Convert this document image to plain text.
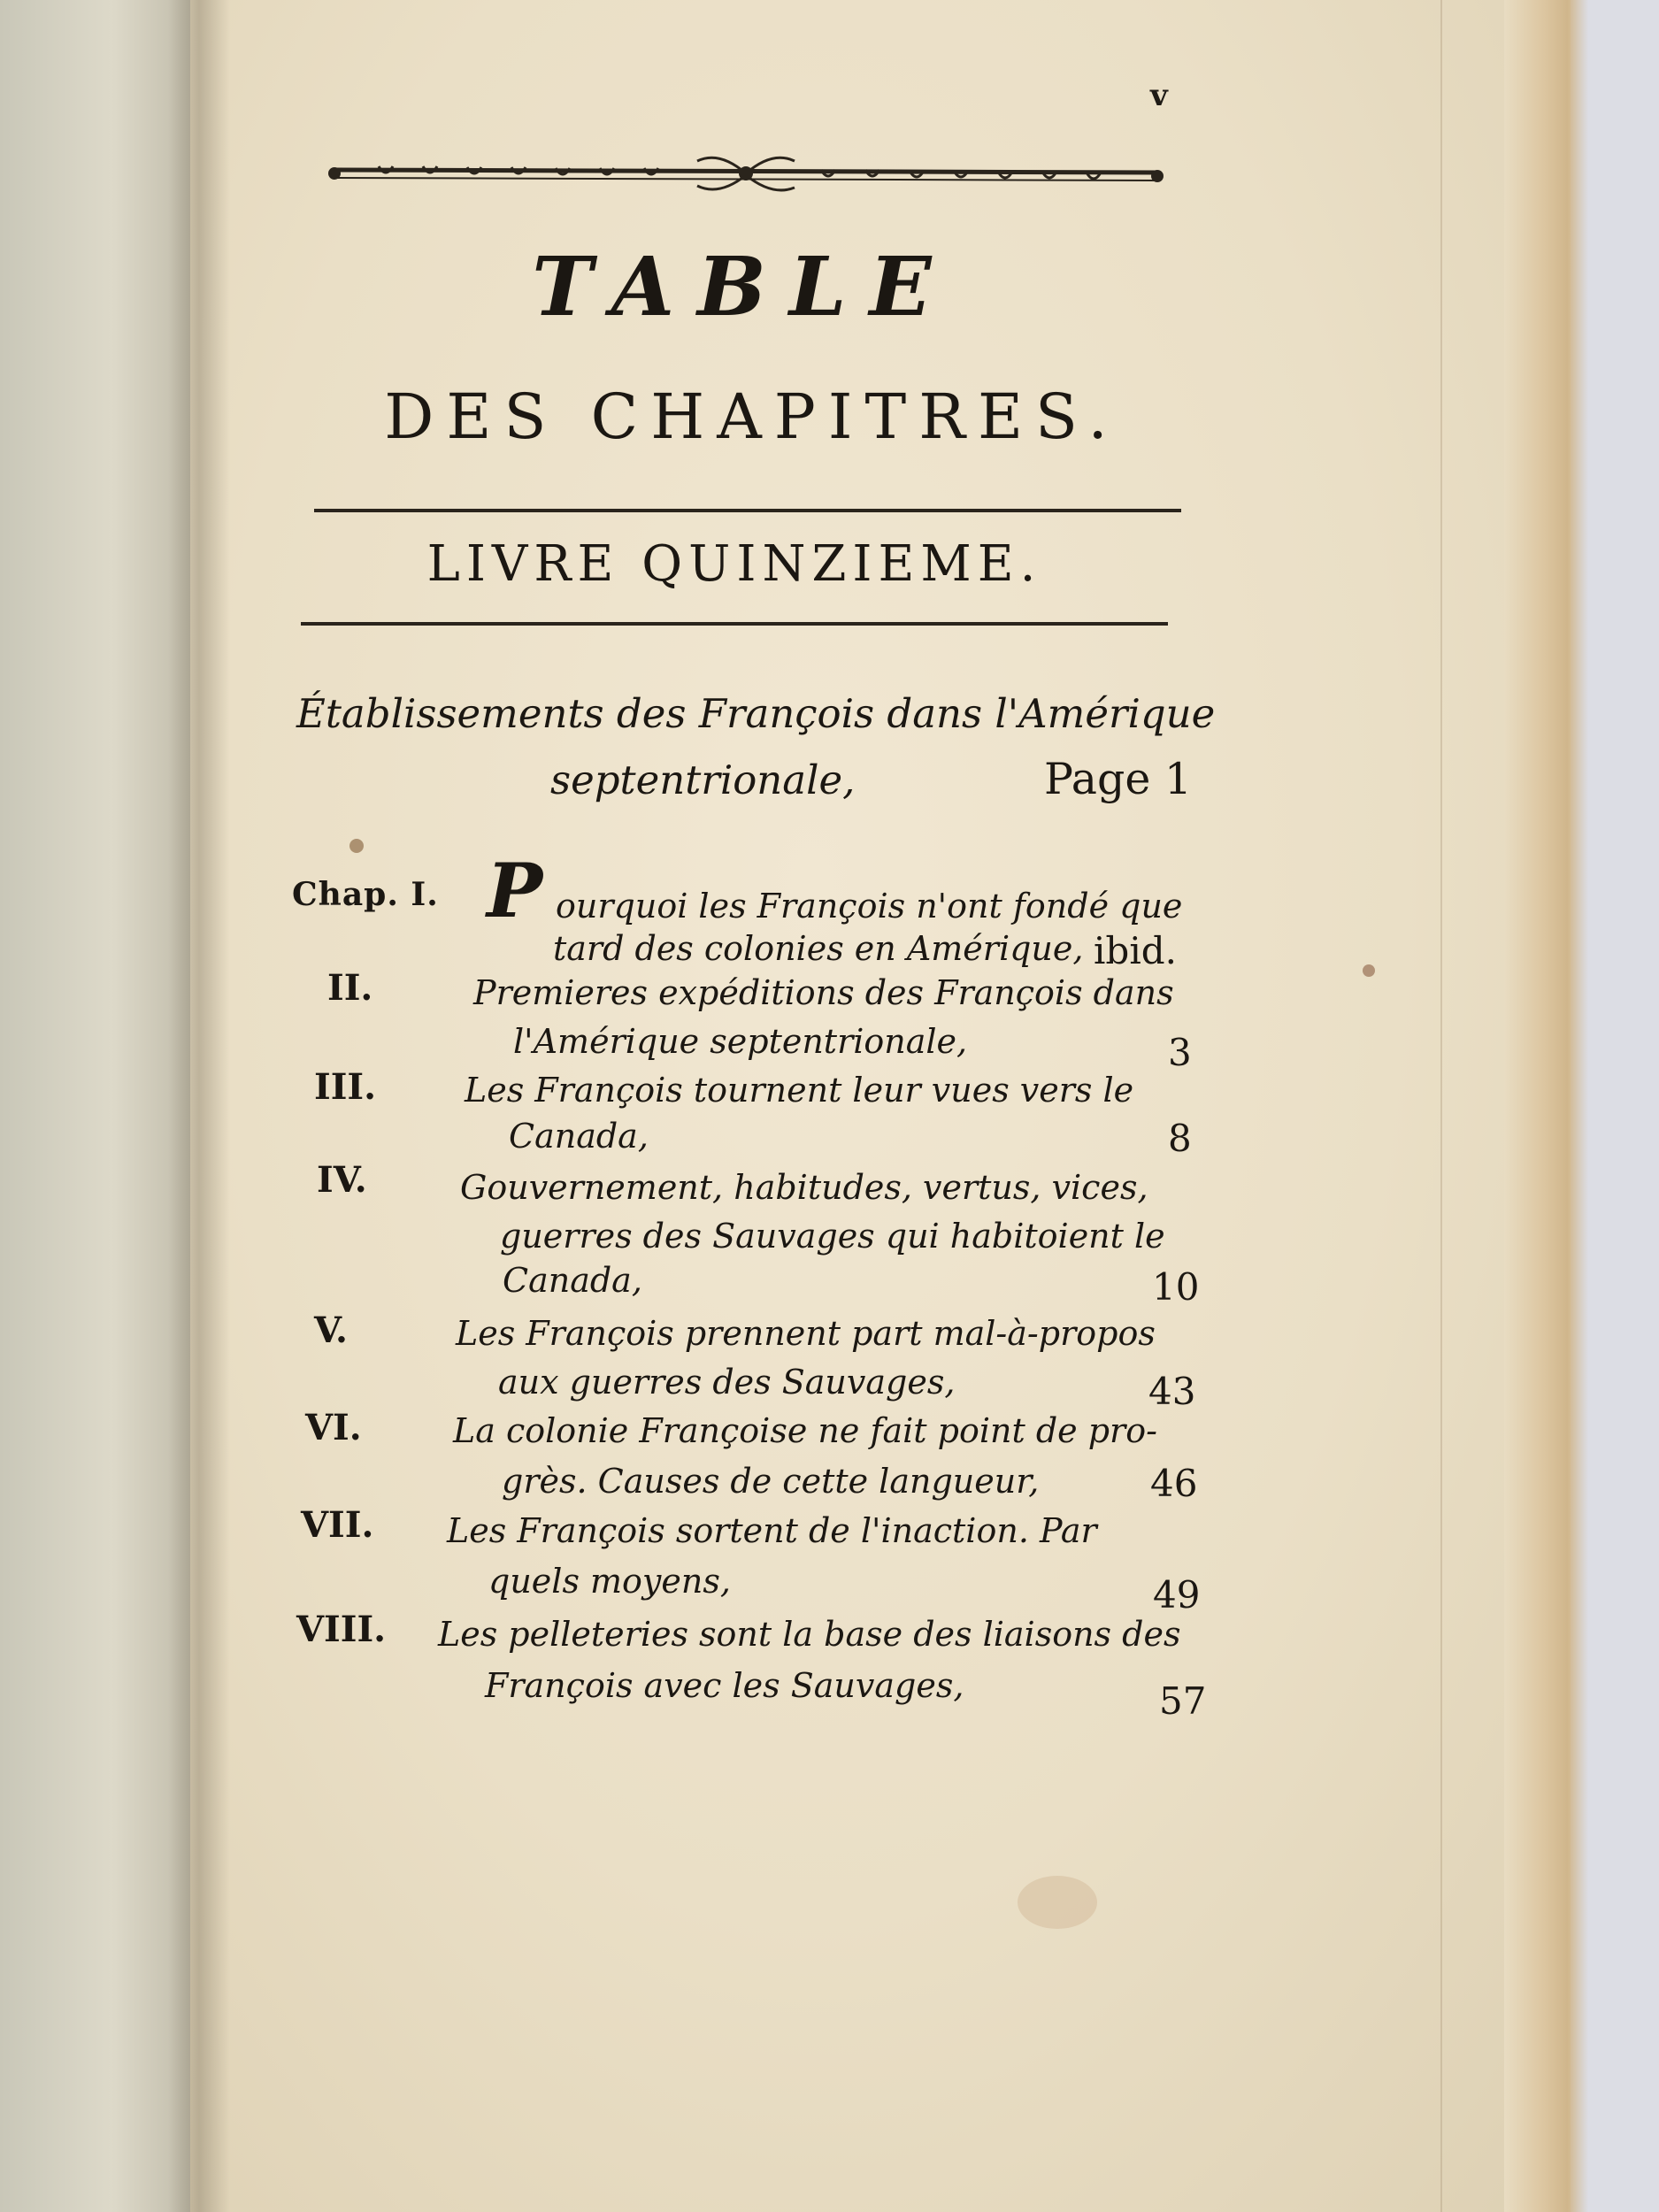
v
TABLE
DES CHAPITRES.
LIVRE QUINZIEME.
Établissements des François dans l'Amérique
septentrionale,	Page 1
Chap. I. P ourquoi les François n'ont fondé que
tard des colonies en Amérique, ibid.
II.	Premieres expéditions des François dans
l'Amérique septentrionale,	3
III.	Les François tournent leur vues vers le
Canada,	8
IV.	Gouvernement, habitudes, vertus, vices,
guerres des Sauvages qui habitoient le
Canada,	10
V.	Les François prennent part mal-à-propos
aux guerres des Sauvages,	43
VI.	La colonie Françoise ne fait point de pro-
grès. Causes de cette langueur,	46
VII. Les François sortent de l'inaction. Par
quels moyens,	49
VIII. Les pelleteries sont la base des liaisons des
François avec les Sauvages,	57
